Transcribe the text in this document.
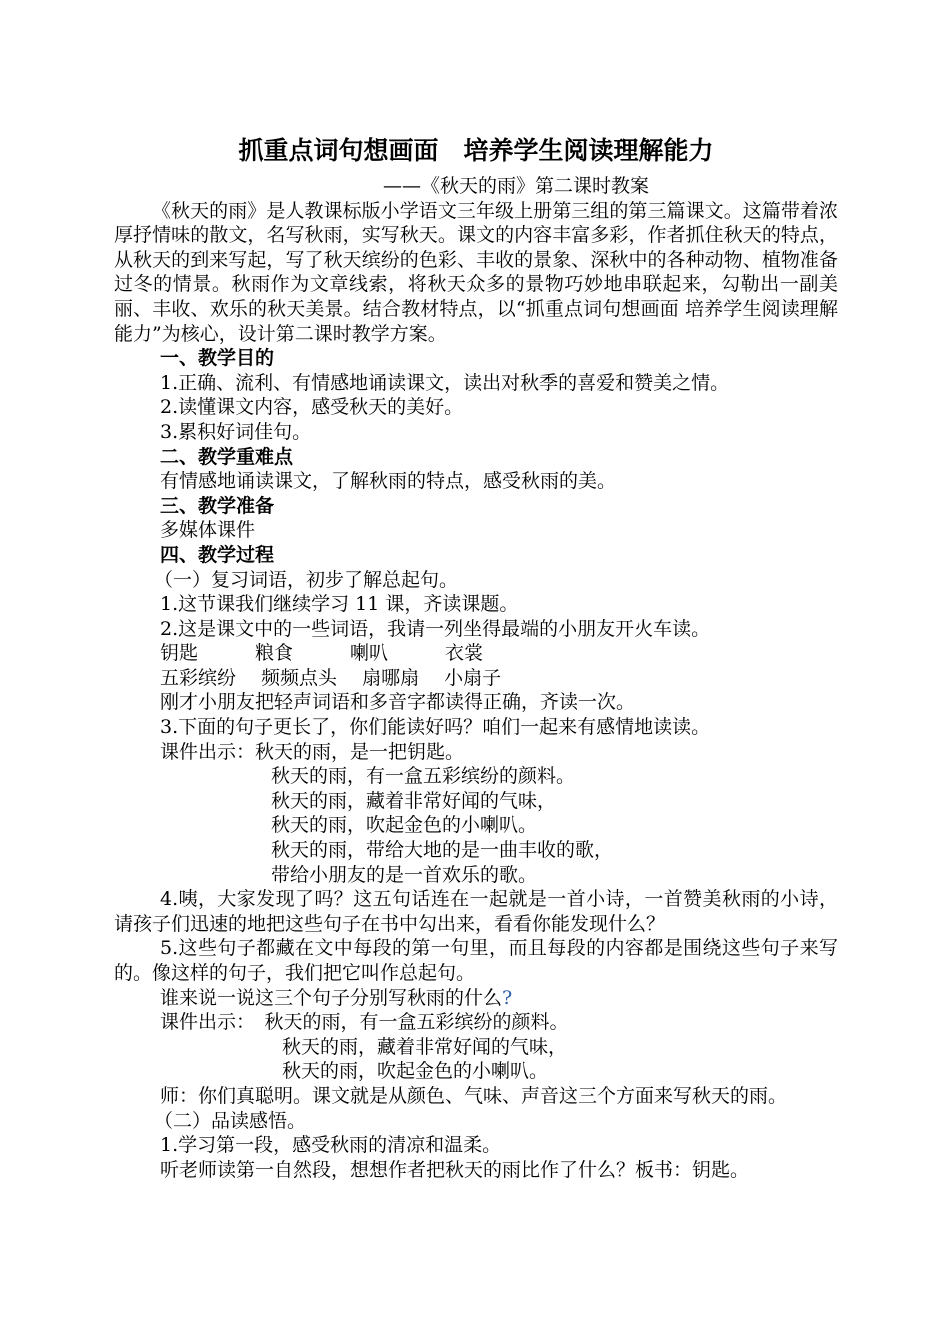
抓重点词句想画面　培养学生阅读理解能力

——《秋天的雨》第二课时教案

《秋天的雨》是人教课标版小学语文三年级上册第三组的第三篇课文。这篇带着浓厚抒情味的散文，名写秋雨，实写秋天。课文的内容丰富多彩，作者抓住秋天的特点，从秋天的到来写起，写了秋天缤纷的色彩、丰收的景象、深秋中的各种动物、植物准备过冬的情景。秋雨作为文章线索，将秋天众多的景物巧妙地串联起来，勾勒出一副美丽、丰收、欢乐的秋天美景。结合教材特点，以“抓重点词句想画面 培养学生阅读理解能力”为核心，设计第二课时教学方案。

一、教学目的

1.正确、流利、有情感地诵读课文，读出对秋季的喜爱和赞美之情。

2.读懂课文内容，感受秋天的美好。

3.累积好词佳句。

二、教学重难点

有情感地诵读课文，了解秋雨的特点，感受秋雨的美。

三、教学准备

多媒体课件

四、教学过程

（一）复习词语，初步了解总起句。

1.这节课我们继续学习 11 课，齐读课题。

2.这是课文中的一些词语，我请一列坐得最端的小朋友开火车读。

钥匙　　　粮食　　　喇叭　　　衣裳

五彩缤纷　 频频点头　 扇哪扇　 小扇子

刚才小朋友把轻声词语和多音字都读得正确，齐读一次。

3.下面的句子更长了，你们能读好吗？咱们一起来有感情地读读。

课件出示：秋天的雨，是一把钥匙。

秋天的雨，有一盒五彩缤纷的颜料。

秋天的雨，藏着非常好闻的气味，

秋天的雨，吹起金色的小喇叭。

秋天的雨，带给大地的是一曲丰收的歌，

带给小朋友的是一首欢乐的歌。

4.咦，大家发现了吗？这五句话连在一起就是一首小诗，一首赞美秋雨的小诗，请孩子们迅速的地把这些句子在书中勾出来，看看你能发现什么？

5.这些句子都藏在文中每段的第一句里，而且每段的内容都是围绕这些句子来写的。像这样的句子，我们把它叫作总起句。

谁来说一说这三个句子分别写秋雨的什么?

课件出示：　秋天的雨，有一盒五彩缤纷的颜料。

秋天的雨，藏着非常好闻的气味，

秋天的雨，吹起金色的小喇叭。

师：你们真聪明。课文就是从颜色、气味、声音这三个方面来写秋天的雨。

（二）品读感悟。

1.学习第一段，感受秋雨的清凉和温柔。

听老师读第一自然段，想想作者把秋天的雨比作了什么？板书：钥匙。
